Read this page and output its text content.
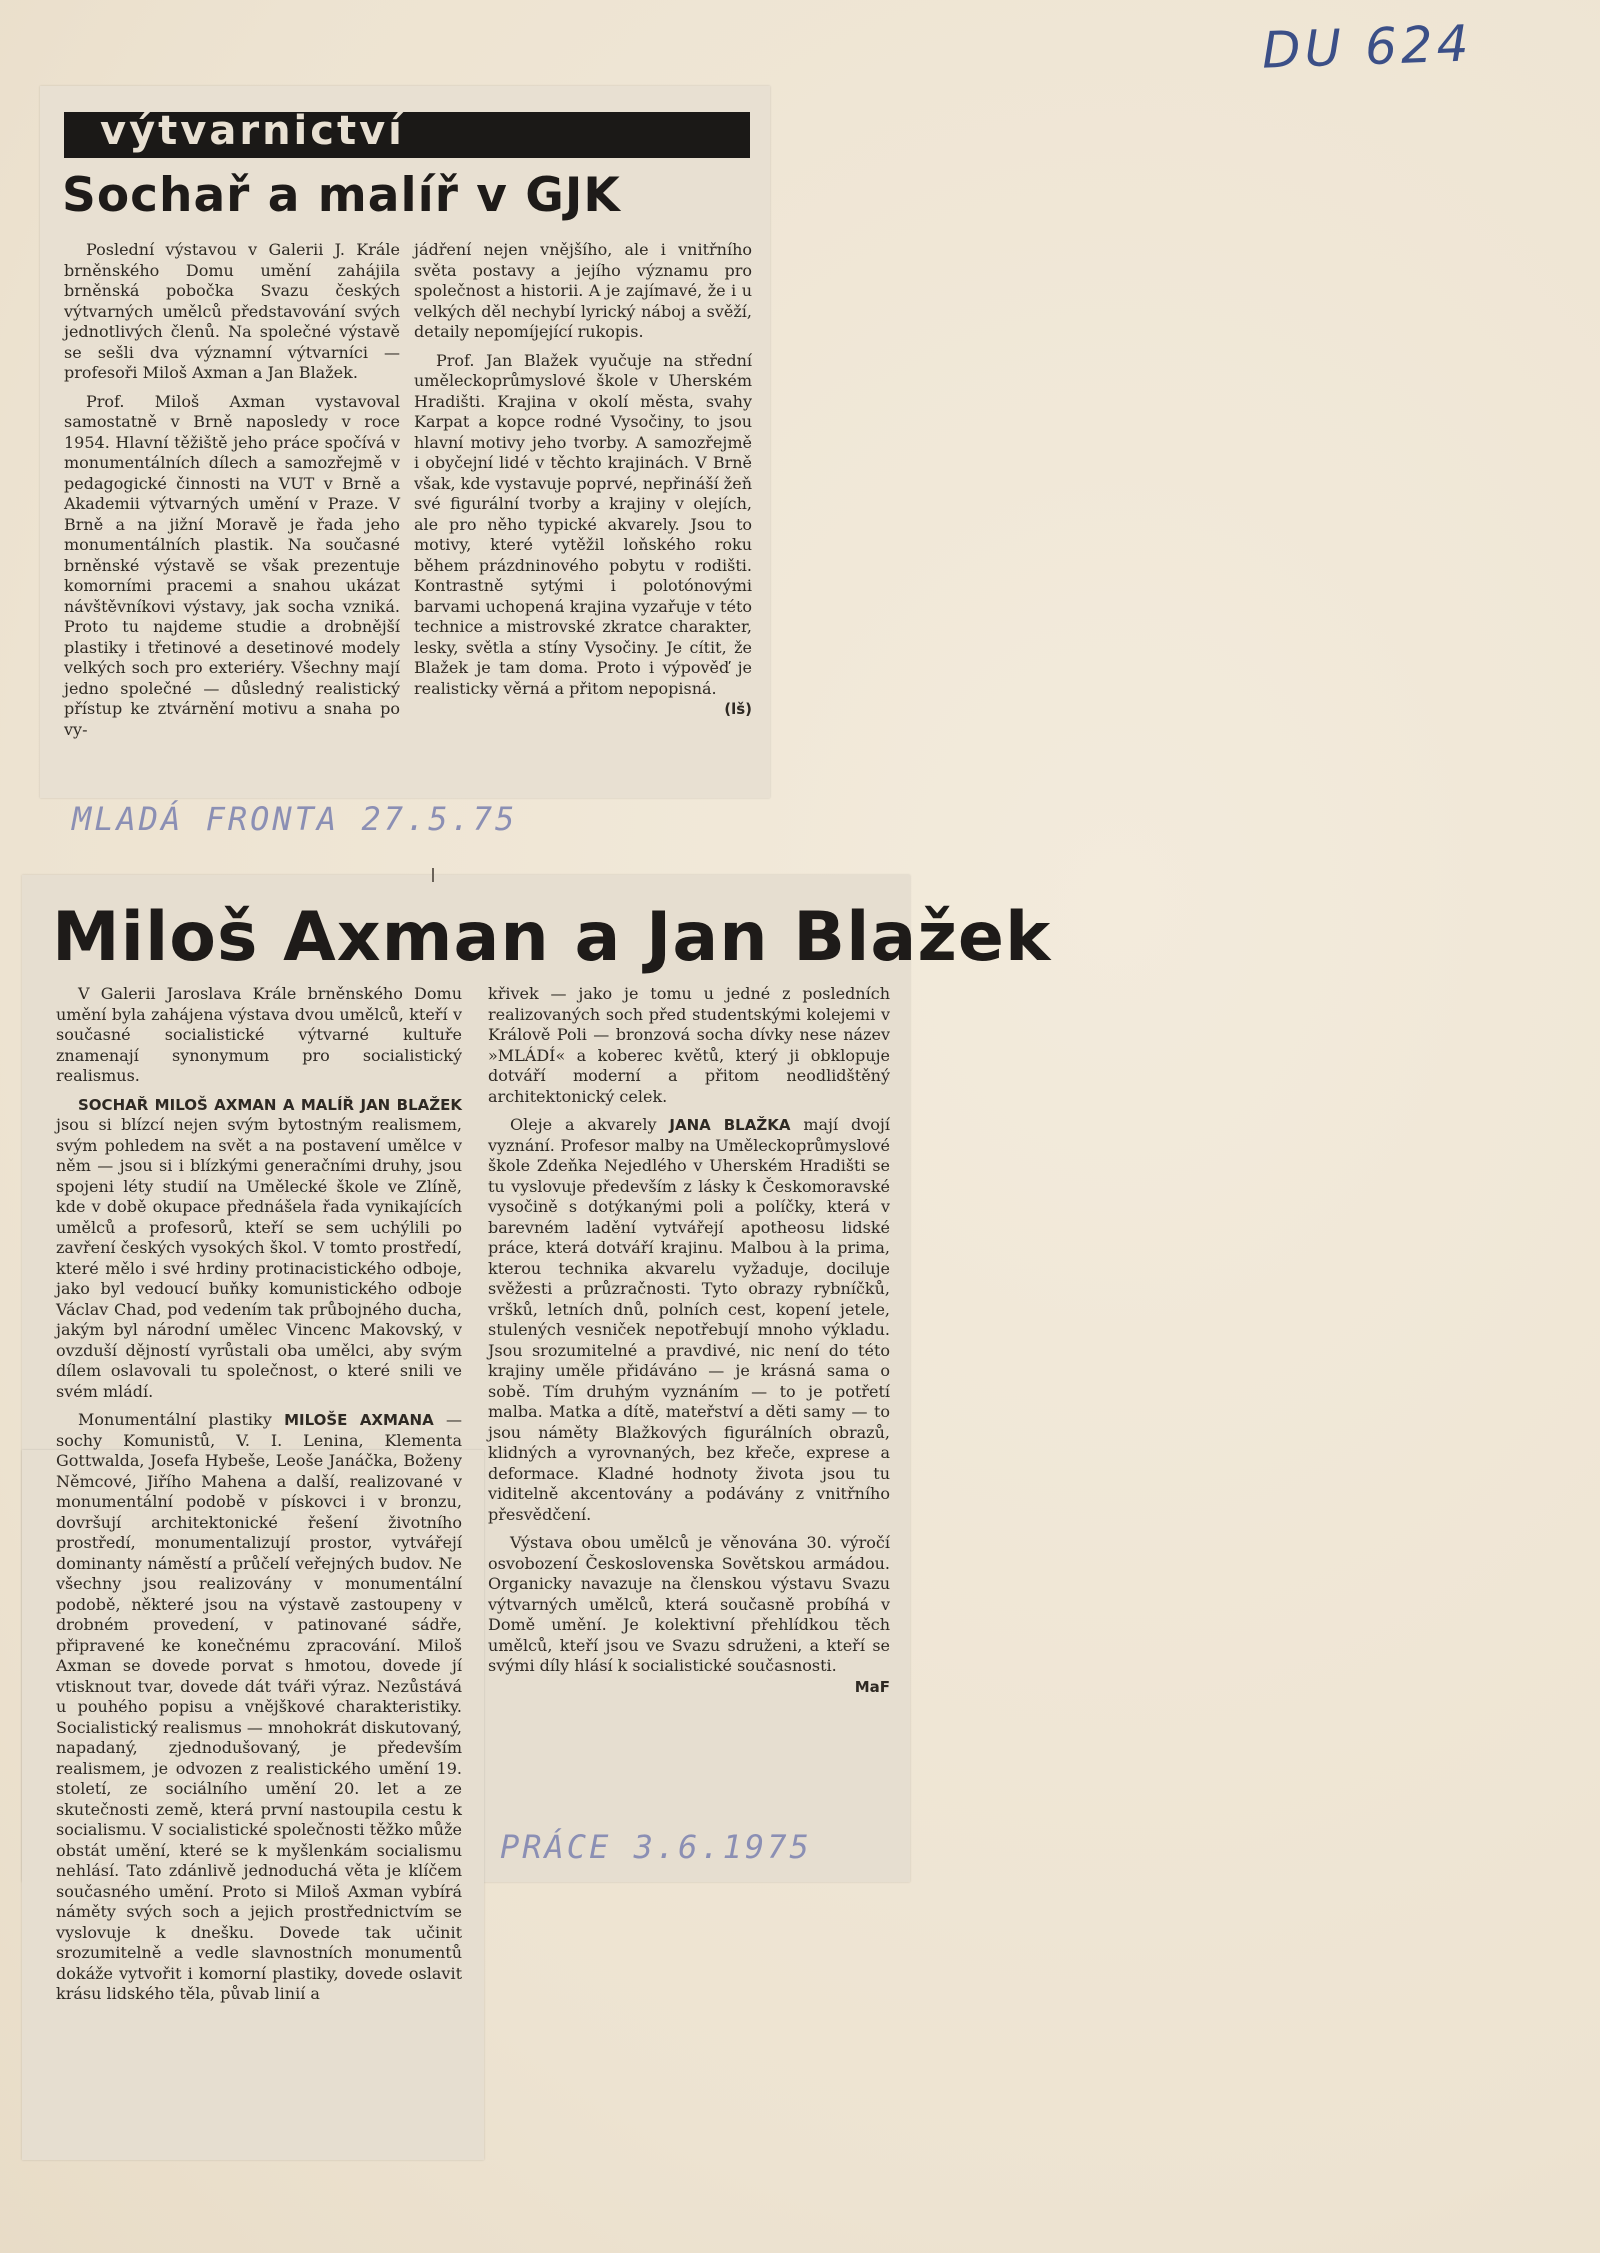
DU 624
výtvarnictví
Sochař a malíř v GJK

Poslední výstavou v Galerii J. Krále brněnského Domu umění zahájila brněnská pobočka Svazu českých výtvarných umělců představování svých jednotlivých členů. Na společné výstavě se sešli dva významní výtvarníci — profesoři Miloš Axman a Jan Blažek.

Prof. Miloš Axman vystavoval samostatně v Brně naposledy v roce 1954. Hlavní těžiště jeho práce spočívá v monumentálních dílech a samozřejmě v pedagogické činnosti na VUT v Brně a Akademii výtvarných umění v Praze. V Brně a na jižní Moravě je řada jeho monumentálních plastik. Na současné brněnské výstavě se však prezentuje komorními pracemi a snahou ukázat návštěvníkovi výstavy, jak socha vzniká. Proto tu najdeme studie a drobnější plastiky i třetinové a desetinové modely velkých soch pro exteriéry. Všechny mají jedno společné — důsledný realistický přístup ke ztvárnění motivu a snaha po vy-

jádření nejen vnějšího, ale i vnitřního světa postavy a jejího významu pro společnost a historii. A je zajímavé, že i u velkých děl nechybí lyrický náboj a svěží, detaily nepomíjející rukopis.

Prof. Jan Blažek vyučuje na střední uměleckoprůmyslové škole v Uherském Hradišti. Krajina v okolí města, svahy Karpat a kopce rodné Vysočiny, to jsou hlavní motivy jeho tvorby. A samozřejmě i obyčejní lidé v těchto krajinách. V Brně však, kde vystavuje poprvé, nepřináší žeň své figurální tvorby a krajiny v olejích, ale pro něho typické akvarely. Jsou to motivy, které vytěžil loňského roku během prázdninového pobytu v rodišti. Kontrastně sytými i polotónovými barvami uchopená krajina vyzařuje v této technice a mistrovské zkratce charakter, lesky, světla a stíny Vysočiny. Je cítit, že Blažek je tam doma. Proto i výpověď je realisticky věrná a přitom nepopisná.
(lš)

MLADÁ FRONTA 27.5.75
Miloš Axman a Jan Blažek

V Galerii Jaroslava Krále brněnského Domu umění byla zahájena výstava dvou umělců, kteří v současné socialistické výtvarné kultuře znamenají synonymum pro socialistický realismus.

SOCHAŘ MILOŠ AXMAN A MALÍŘ JAN BLAŽEK jsou si blízcí nejen svým bytostným realismem, svým pohledem na svět a na postavení umělce v něm — jsou si i blízkými generačními druhy, jsou spojeni léty studií na Umělecké škole ve Zlíně, kde v době okupace přednášela řada vynikajících umělců a profesorů, kteří se sem uchýlili po zavření českých vysokých škol. V tomto prostředí, které mělo i své hrdiny protinacistického odboje, jako byl vedoucí buňky komunistického odboje Václav Chad, pod vedením tak průbojného ducha, jakým byl národní umělec Vincenc Makovský, v ovzduší dějností vyrůstali oba umělci, aby svým dílem oslavovali tu společnost, o které snili ve svém mládí.

Monumentální plastiky MILOŠE AXMANA — sochy Komunistů, V. I. Lenina, Klementa Gottwalda, Josefa Hybeše, Leoše Janáčka, Boženy Němcové, Jiřího Mahena a další, realizované v monumentální podobě v pískovci i v bronzu, dovršují architektonické řešení životního prostředí, monumentalizují prostor, vytvářejí dominanty náměstí a průčelí veřejných budov. Ne všechny jsou realizovány v monumentální podobě, některé jsou na výstavě zastoupeny v drobném provedení, v patinované sádře, připravené ke konečnému zpracování. Miloš Axman se dovede porvat s hmotou, dovede jí vtisknout tvar, dovede dát tváři výraz. Nezůstává u pouhého popisu a vnějškové charakteristiky. Socialistický realismus — mnohokrát diskutovaný, napadaný, zjednodušovaný, je především realismem, je odvozen z realistického umění 19. století, ze sociálního umění 20. let a ze skutečnosti země, která první nastoupila cestu k socialismu. V socialistické společnosti těžko může obstát umění, které se k myšlenkám socialismu nehlásí. Tato zdánlivě jednoduchá věta je klíčem současného umění. Proto si Miloš Axman vybírá náměty svých soch a jejich prostřednictvím se vyslovuje k dnešku. Dovede tak učinit srozumitelně a vedle slavnostních monumentů dokáže vytvořit i komorní plastiky, dovede oslavit krásu lidského těla, půvab linií a

křivek — jako je tomu u jedné z posledních realizovaných soch před studentskými kolejemi v Králově Poli — bronzová socha dívky nese název »MLÁDÍ« a koberec květů, který ji obklopuje dotváří moderní a přitom neodlidštěný architektonický celek.

Oleje a akvarely JANA BLAŽKA mají dvojí vyznání. Profesor malby na Uměleckoprůmyslové škole Zdeňka Nejedlého v Uherském Hradišti se tu vyslovuje především z lásky k Českomoravské vysočině s dotýkanými poli a políčky, která v barevném ladění vytvářejí apotheosu lidské práce, která dotváří krajinu. Malbou à la prima, kterou technika akvarelu vyžaduje, dociluje svěžesti a průzračnosti. Tyto obrazy rybníčků, vršků, letních dnů, polních cest, kopení jetele, stulených vesniček nepotřebují mnoho výkladu. Jsou srozumitelné a pravdivé, nic není do této krajiny uměle přidáváno — je krásná sama o sobě. Tím druhým vyznáním — to je potřetí malba. Matka a dítě, mateřství a děti samy — to jsou náměty Blažkových figurálních obrazů, klidných a vyrovnaných, bez křeče, exprese a deformace. Kladné hodnoty života jsou tu viditelně akcentovány a podávány z vnitřního přesvědčení.

Výstava obou umělců je věnována 30. výročí osvobození Československa Sovětskou armádou. Organicky navazuje na členskou výstavu Svazu výtvarných umělců, která současně probíhá v Domě umění. Je kolektivní přehlídkou těch umělců, kteří jsou ve Svazu sdruženi, a kteří se svými díly hlásí k socialistické současnosti.
MaF

PRÁCE 3.6.1975
